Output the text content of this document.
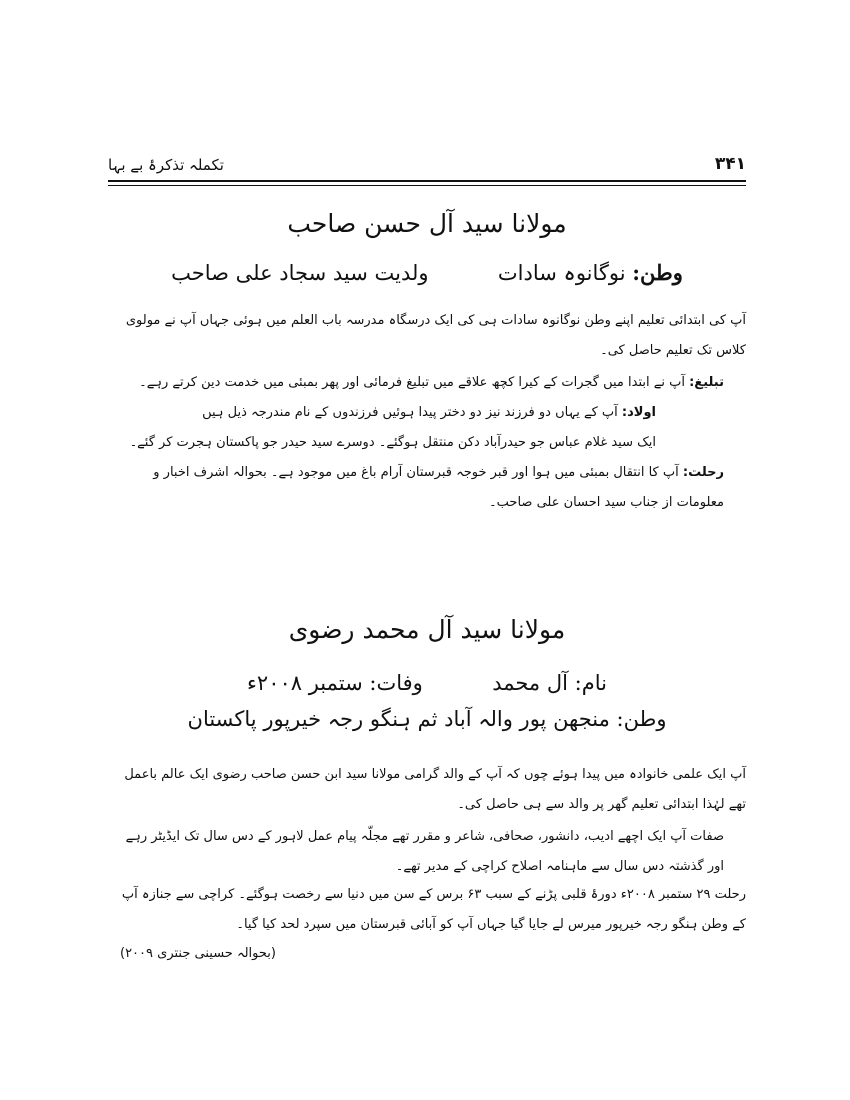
۳۴۱
تکملہ تذکرۂ بے بہا
مولانا سید آل حسن صاحب
وطن: نوگانوہ سادات  ولدیت سید سجاد علی صاحب
آپ کی ابتدائی تعلیم اپنے وطن نوگانوہ سادات ہی کی ایک درسگاہ مدرسہ باب العلم میں ہوئی جہاں آپ نے مولوی کلاس تک تعلیم حاصل کی۔
تبلیغ: آپ نے ابتدا میں گجرات کے کیرا کچھ علاقے میں تبلیغ فرمائی اور پھر بمبئی میں خدمت دین کرتے رہے۔
اولاد: آپ کے یہاں دو فرزند نیز دو دختر پیدا ہوئیں فرزندوں کے نام مندرجہ ذیل ہیں
ایک سید غلام عباس جو حیدرآباد دکن منتقل ہوگئے۔ دوسرے سید حیدر جو پاکستان ہجرت کر گئے۔
رحلت: آپ کا انتقال بمبئی میں ہوا اور قبر خوجہ قبرستان آرام باغ میں موجود ہے۔ بحوالہ اشرف اخبار و معلومات از جناب سید احسان علی صاحب۔
مولانا سید آل محمد رضوی
نام: آل محمد  وفات: ستمبر ۲۰۰۸ء
وطن: منجھن پور والہ آباد ثم ہنگو رجہ خیرپور پاکستان
آپ ایک علمی خانوادہ میں پیدا ہوئے چوں کہ آپ کے والد گرامی مولانا سید ابن حسن صاحب رضوی ایک عالم باعمل تھے لہٰذا ابتدائی تعلیم گھر پر والد سے ہی حاصل کی۔
صفات آپ ایک اچھے ادیب، دانشور، صحافی، شاعر و مقرر تھے مجلّہ پیام عمل لاہور کے دس سال تک ایڈیٹر رہے اور گذشتہ دس سال سے ماہنامہ اصلاح کراچی کے مدیر تھے۔
رحلت ۲۹ ستمبر ۲۰۰۸ء دورۂ قلبی پڑنے کے سبب ۶۳ برس کے سن میں دنیا سے رخصت ہوگئے۔ کراچی سے جنازہ آپ کے وطن ہنگو رجہ خیرپور میرس لے جایا گیا جہاں آپ کو آبائی قبرستان میں سپرد لحد کیا گیا۔
(بحوالہ حسینی جنتری ۲۰۰۹)
